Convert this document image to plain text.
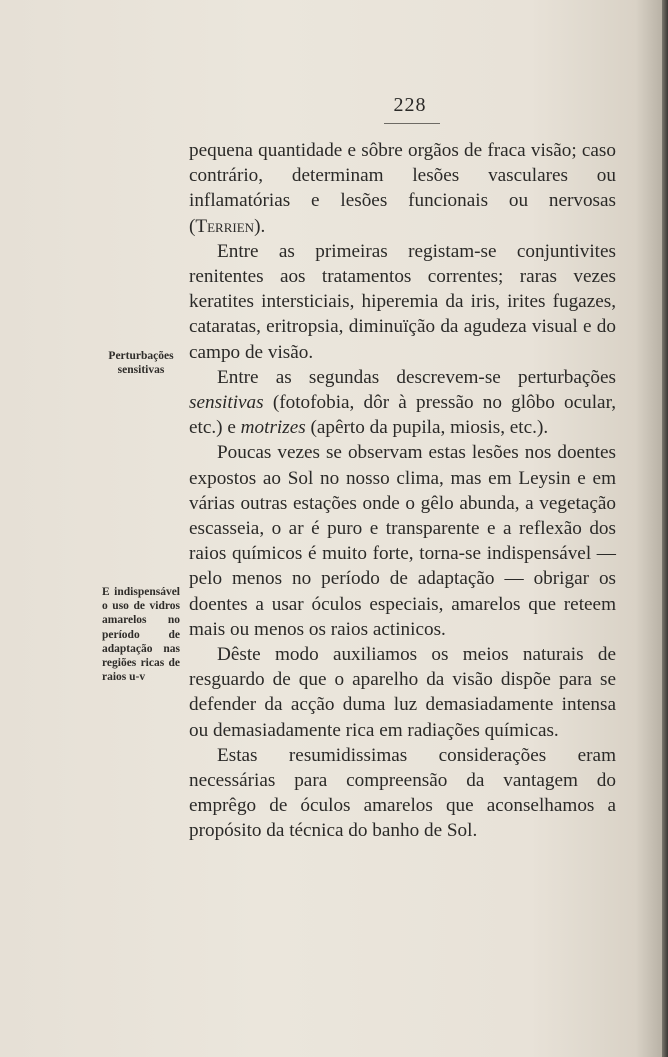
228

pequena quantidade e sôbre orgãos de fraca visão; caso contrário, determinam lesões vasculares ou inflamatórias e lesões funcionais ou nervosas (Terrien).

Entre as primeiras registam-se conjuntivites renitentes aos tratamentos correntes; raras vezes keratites intersticiais, hiperemia da iris, irites fugazes, cataratas, eritropsia, diminuïção da agudeza visual e do campo de visão.

Entre as segundas descrevem-se perturbações sensitivas (fotofobia, dôr à pressão no glôbo ocular, etc.) e motrizes (apêrto da pupila, miosis, etc.).

Poucas vezes se observam estas lesões nos doentes expostos ao Sol no nosso clima, mas em Leysin e em várias outras estações onde o gêlo abunda, a vegetação escasseia, o ar é puro e transparente e a reflexão dos raios químicos é muito forte, torna-se indispensável — pelo menos no período de adaptação — obrigar os doentes a usar óculos especiais, amarelos que reteem mais ou menos os raios actinicos.

Dêste modo auxiliamos os meios naturais de resguardo de que o aparelho da visão dispõe para se defender da acção duma luz demasiadamente intensa ou demasiadamente rica em radiações químicas.

Estas resumidissimas considerações eram necessárias para compreensão da vantagem do emprêgo de óculos amarelos que aconselhamos a propósito da técnica do banho de Sol.

Perturbações sensitivas
E indispensável o uso de vidros amarelos no período de adaptação nas regiões ricas de raios u-v
